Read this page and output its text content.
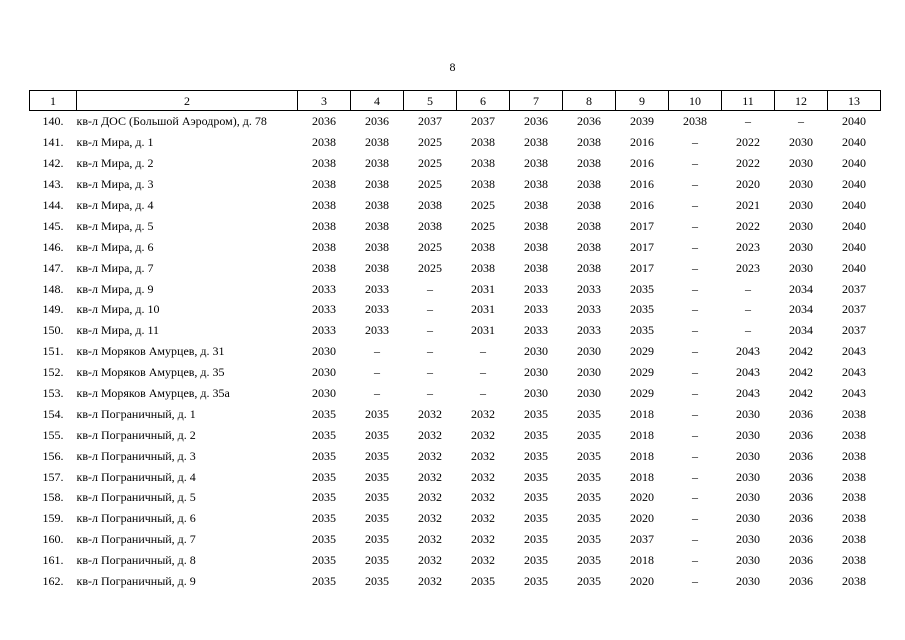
8
1	2	3	4	5	6	7	8	9	10	11	12	13
140.	кв-л ДОС (Большой Аэродром), д. 78	2036	2036	2037	2037	2036	2036	2039	2038	–	–	2040
141.	кв-л Мира, д. 1	2038	2038	2025	2038	2038	2038	2016	–	2022	2030	2040
142.	кв-л Мира, д. 2	2038	2038	2025	2038	2038	2038	2016	–	2022	2030	2040
143.	кв-л Мира, д. 3	2038	2038	2025	2038	2038	2038	2016	–	2020	2030	2040
144.	кв-л Мира, д. 4	2038	2038	2038	2025	2038	2038	2016	–	2021	2030	2040
145.	кв-л Мира, д. 5	2038	2038	2038	2025	2038	2038	2017	–	2022	2030	2040
146.	кв-л Мира, д. 6	2038	2038	2025	2038	2038	2038	2017	–	2023	2030	2040
147.	кв-л Мира, д. 7	2038	2038	2025	2038	2038	2038	2017	–	2023	2030	2040
148.	кв-л Мира, д. 9	2033	2033	–	2031	2033	2033	2035	–	–	2034	2037
149.	кв-л Мира, д. 10	2033	2033	–	2031	2033	2033	2035	–	–	2034	2037
150.	кв-л Мира, д. 11	2033	2033	–	2031	2033	2033	2035	–	–	2034	2037
151.	кв-л Моряков Амурцев, д. 31	2030	–	–	–	2030	2030	2029	–	2043	2042	2043
152.	кв-л Моряков Амурцев, д. 35	2030	–	–	–	2030	2030	2029	–	2043	2042	2043
153.	кв-л Моряков Амурцев, д. 35а	2030	–	–	–	2030	2030	2029	–	2043	2042	2043
154.	кв-л Пограничный, д. 1	2035	2035	2032	2032	2035	2035	2018	–	2030	2036	2038
155.	кв-л Пограничный, д. 2	2035	2035	2032	2032	2035	2035	2018	–	2030	2036	2038
156.	кв-л Пограничный, д. 3	2035	2035	2032	2032	2035	2035	2018	–	2030	2036	2038
157.	кв-л Пограничный, д. 4	2035	2035	2032	2032	2035	2035	2018	–	2030	2036	2038
158.	кв-л Пограничный, д. 5	2035	2035	2032	2032	2035	2035	2020	–	2030	2036	2038
159.	кв-л Пограничный, д. 6	2035	2035	2032	2032	2035	2035	2020	–	2030	2036	2038
160.	кв-л Пограничный, д. 7	2035	2035	2032	2032	2035	2035	2037	–	2030	2036	2038
161.	кв-л Пограничный, д. 8	2035	2035	2032	2032	2035	2035	2018	–	2030	2036	2038
162.	кв-л Пограничный, д. 9	2035	2035	2032	2035	2035	2035	2020	–	2030	2036	2038
